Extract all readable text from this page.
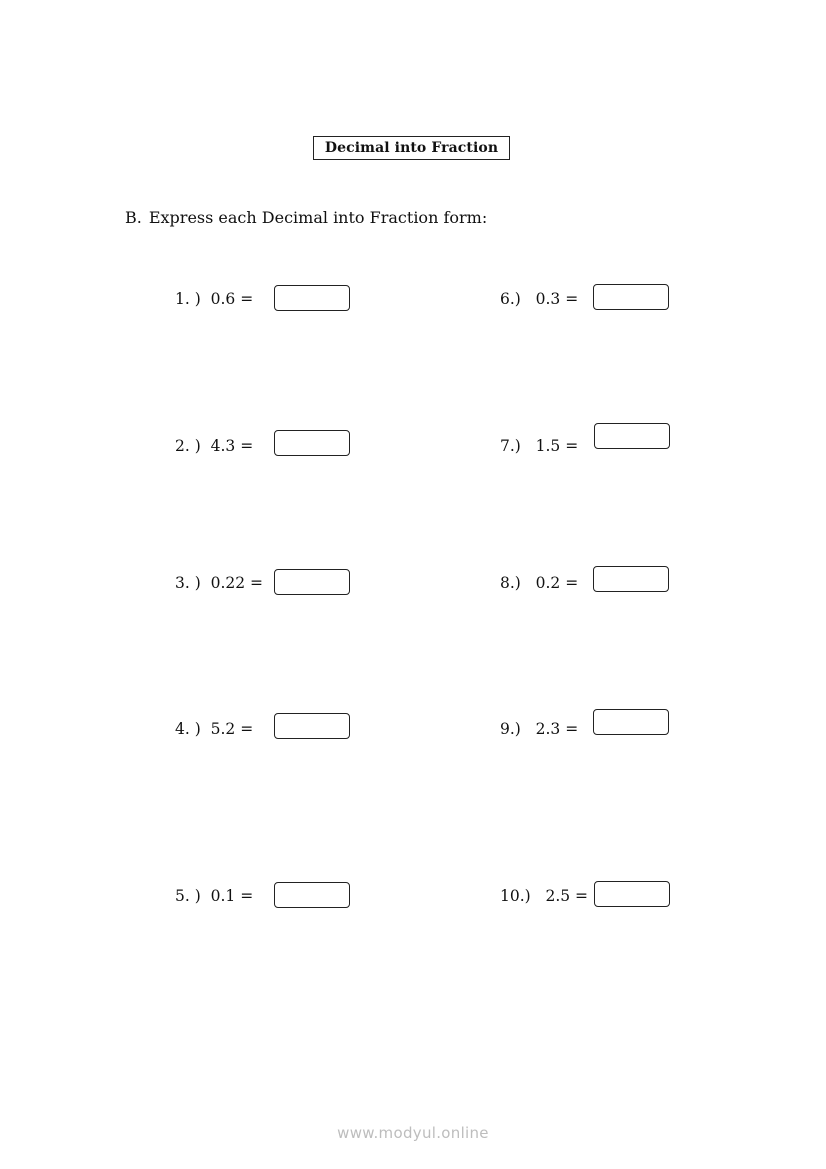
Decimal into Fraction
B. Express each Decimal into Fraction form:
1. )  0.6 =
2. )  4.3 =
3. )  0.22 =
4. )  5.2 =
5. )  0.1 =
6.)   0.3 =
7.)   1.5 =
8.)   0.2 =
9.)   2.3 =
10.)   2.5 =
www.modyul.online
